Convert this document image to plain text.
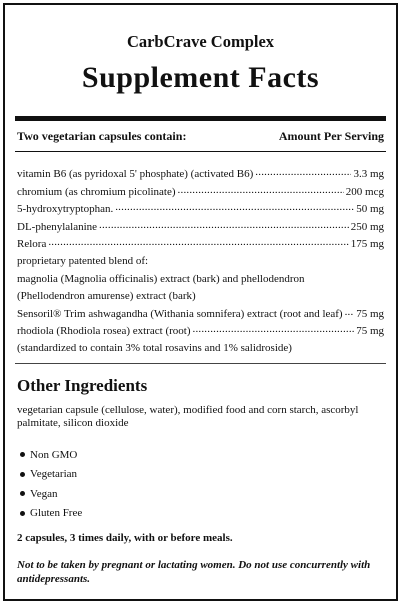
CarbCrave Complex
Supplement Facts
Two vegetarian capsules contain:	Amount Per Serving
vitamin B6 (as pyridoxal 5' phosphate) (activated B6) .....	3.3 mg
chromium (as chromium picolinate) .....	200 mcg
5-hydroxytryptophan. .....	50 mg
DL-phenylalanine .....	250 mg
Relora .....	175 mg
proprietary patented blend of:
magnolia (Magnolia officinalis) extract (bark) and phellodendron
(Phellodendron amurense) extract (bark)
Sensoril® Trim ashwagandha (Withania somnifera) extract (root and leaf) ..... 75 mg
rhodiola (Rhodiola rosea) extract (root) .....	75 mg
(standardized to contain 3% total rosavins and 1% salidroside)
Other Ingredients
vegetarian capsule (cellulose, water), modified food and corn starch, ascorbyl palmitate, silicon dioxide
Non GMO
Vegetarian
Vegan
Gluten Free
2 capsules, 3 times daily, with or before meals.
Not to be taken by pregnant or lactating women. Do not use concurrently with antidepressants.
